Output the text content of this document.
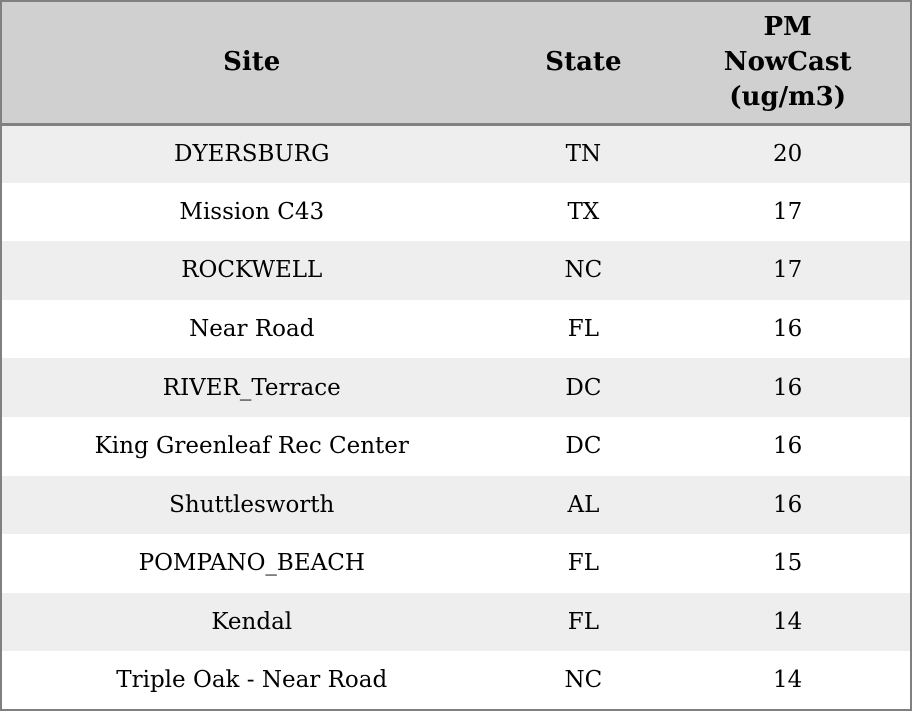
Site	State	PM NowCast (ug/m3)
DYERSBURG	TN	20
Mission C43	TX	17
ROCKWELL	NC	17
Near Road	FL	16
RIVER_Terrace	DC	16
King Greenleaf Rec Center	DC	16
Shuttlesworth	AL	16
POMPANO_BEACH	FL	15
Kendal	FL	14
Triple Oak - Near Road	NC	14
